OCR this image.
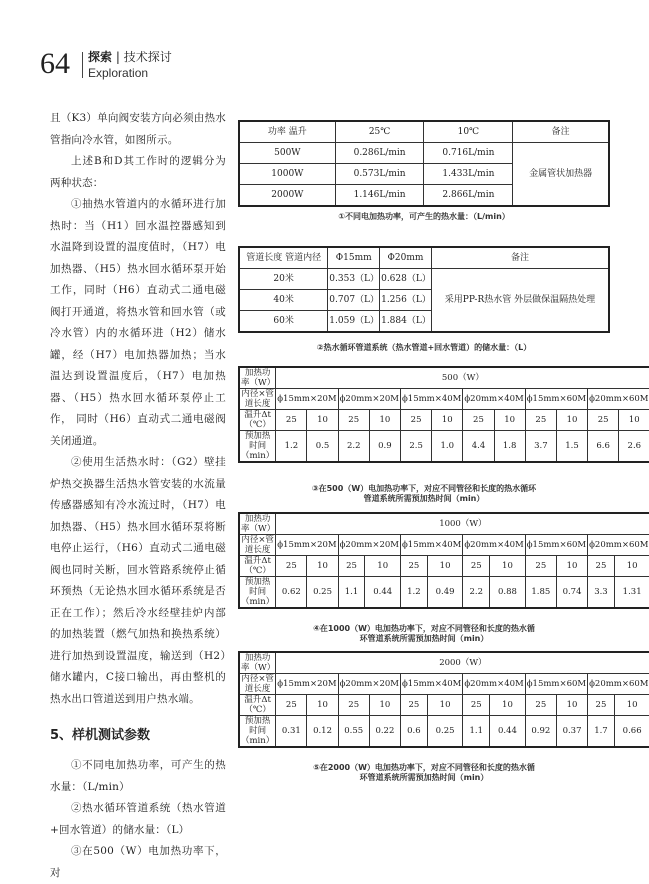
64 探索 | 技术探讨
Exploration

且（K3）单向阀安装方向必须由热水管指向冷水管，如图所示。

上述B和D其工作时的逻辑分为两种状态：

①抽热水管道内的水循环进行加热时：当（H1）回水温控器感知到水温降到设置的温度值时，（H7）电加热器、（H5）热水回水循环泵开始工作，同时（H6）直动式二通电磁阀打开通道，将热水管和回水管（或冷水管）内的水循环进（H2）储水罐，经（H7）电加热器加热；当水温达到设置温度后，（H7）电加热器、（H5）热水回水循环泵停止工作， 同时（H6）直动式二通电磁阀关闭通道。

②使用生活热水时：（G2）壁挂炉热交换器生活热水管安装的水流量传感器感知有冷水流过时，（H7）电加热器、（H5）热水回水循环泵将断电停止运行，（H6）直动式二通电磁阀也同时关断，回水管路系统停止循环预热（无论热水回水循环系统是否正在工作）；然后冷水经壁挂炉内部的加热装置（燃气加热和换热系统）进行加热到设置温度，输送到（H2）储水罐内，C接口输出，再由整机的热水出口管道送到用户热水端。

5、样机测试参数

①不同电加热功率，可产生的热水量：（L/min）

②热水循环管道系统（热水管道+回水管道）的储水量：（L）

③在500（W）电加热功率下，对

功率 温升	25℃	10℃	备注
500W	0.286L/min	0.716L/min	金属管状加热器
1000W	0.573L/min	1.433L/min	
2000W	1.146L/min	2.866L/min	
①不同电加热功率，可产生的热水量：（L/min）
管道长度 管道内径	Φ15mm	Φ20mm	备注
20米	0.353（L）	0.628（L）	采用PP-R热水管 外层做保温隔热处理
40米	0.707（L）	1.256（L）	
60米	1.059（L）	1.884（L）	
②热水循环管道系统（热水管道+回水管道）的储水量：（L）
加热功率（W）	500（W）											
内径×管道长度	ϕ15mm×20M		ϕ20mm×20M		ϕ15mm×40M		ϕ20mm×40M		ϕ15mm×60M		ϕ20mm×60M	
温升Δt（℃）	25	10	25	10	25	10	25	10	25	10	25	10
预加热时间（min）	1.2	0.5	2.2	0.9	2.5	1.0	4.4	1.8	3.7	1.5	6.6	2.6
③在500（W）电加热功率下，对应不同管径和长度的热水循环
管道系统所需预加热时间（min）
加热功率（W）	1000（W）											
内径×管道长度	ϕ15mm×20M		ϕ20mm×20M		ϕ15mm×40M		ϕ20mm×40M		ϕ15mm×60M		ϕ20mm×60M	
温升Δt（℃）	25	10	25	10	25	10	25	10	25	10	25	10
预加热时间（min）	0.62	0.25	1.1	0.44	1.2	0.49	2.2	0.88	1.85	0.74	3.3	1.31
④在1000（W）电加热功率下，对应不同管径和长度的热水循
环管道系统所需预加热时间（min）
加热功率（W）	2000（W）											
内径×管道长度	ϕ15mm×20M		ϕ20mm×20M		ϕ15mm×40M		ϕ20mm×40M		ϕ15mm×60M		ϕ20mm×60M	
温升Δt（℃）	25	10	25	10	25	10	25	10	25	10	25	10
预加热时间（min）	0.31	0.12	0.55	0.22	0.6	0.25	1.1	0.44	0.92	0.37	1.7	0.66
⑤在2000（W）电加热功率下，对应不同管径和长度的热水循
环管道系统所需预加热时间（min）
